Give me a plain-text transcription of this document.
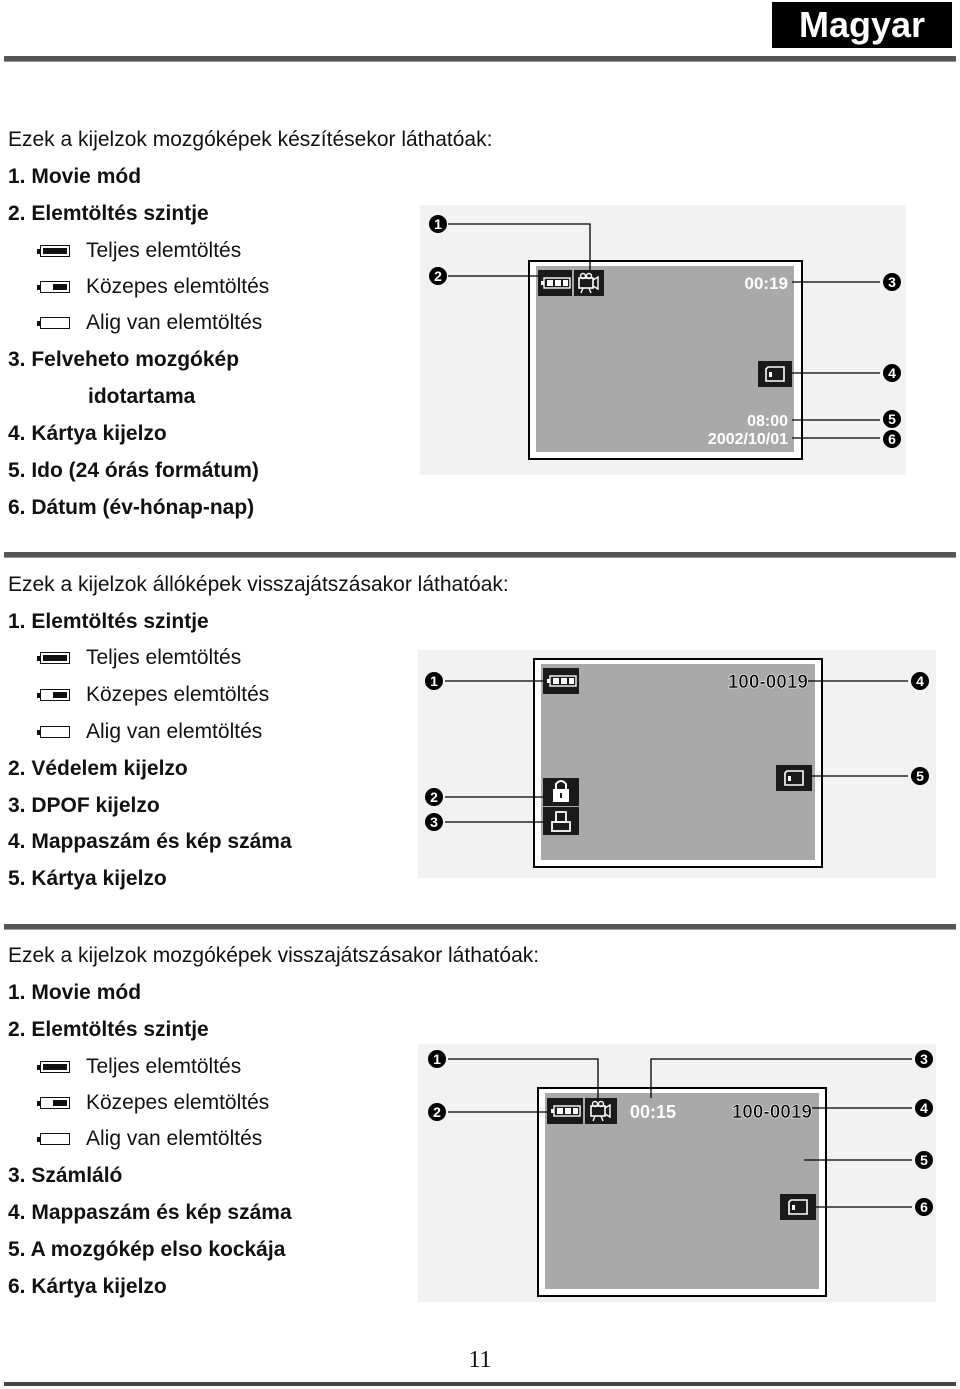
Magyar
Ezek a kijelzok mozgóképek készítésekor láthatóak:
1. Movie mód
2. Elemtöltés szintje
Teljes elemtöltés
Közepes elemtöltés
Alig van elemtöltés
3. Felveheto mozgókép
idotartama
4. Kártya kijelzo
5. Ido (24 órás formátum)
6. Dátum (év-hónap-nap)
Ezek a kijelzok állóképek visszajátszásakor láthatóak:
1. Elemtöltés szintje
Teljes elemtöltés
Közepes elemtöltés
Alig van elemtöltés
2. Védelem kijelzo
3. DPOF kijelzo
4. Mappaszám és kép száma
5. Kártya kijelzo
Ezek a kijelzok mozgóképek visszajátszásakor láthatóak:
1. Movie mód
2. Elemtöltés szintje
Teljes elemtöltés
Közepes elemtöltés
Alig van elemtöltés
3. Számláló
4. Mappaszám és kép száma
5. A mozgókép elso kockája
6. Kártya kijelzo
00:19
08:00
2002/10/01
1
2	3
4
5
6
100-0019
1
2
3
4
5
00:15	100-0019
1
2
3
4
5
6
11
